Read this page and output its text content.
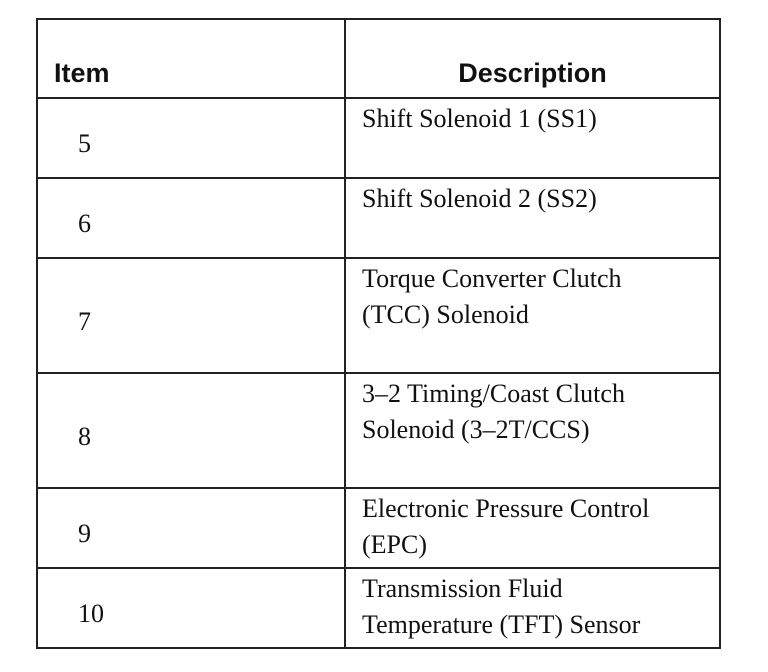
Item	Description
5	Shift Solenoid 1 (SS1)

6	Shift Solenoid 2 (SS2)

7	Torque Converter Clutch
(TCC) Solenoid

8	3–2 Timing/Coast Clutch
Solenoid (3–2T/CCS)

9	Electronic Pressure Control
(EPC)

10	Transmission Fluid
Temperature (TFT) Sensor
